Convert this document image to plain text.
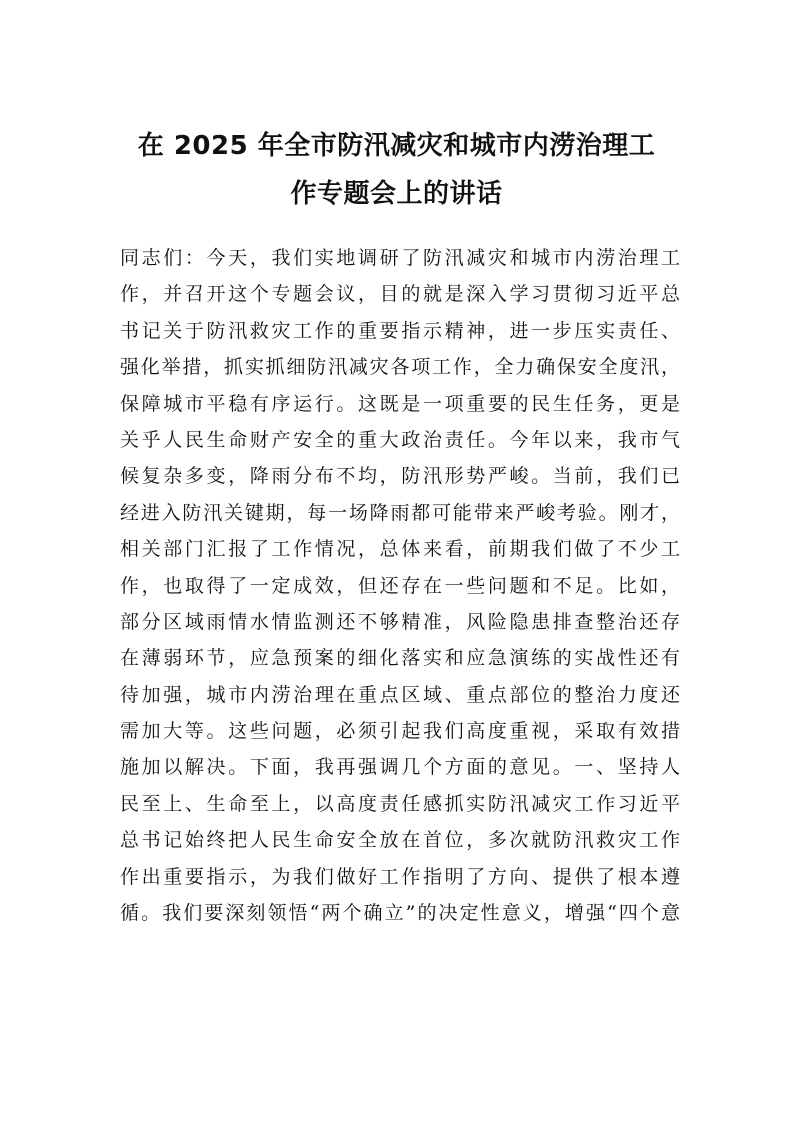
在 2025 年全市防汛减灾和城市内涝治理工
作专题会上的讲话
同志们：今天，我们实地调研了防汛减灾和城市内涝治理工
作，并召开这个专题会议，目的就是深入学习贯彻习近平总
书记关于防汛救灾工作的重要指示精神，进一步压实责任、
强化举措，抓实抓细防汛减灾各项工作，全力确保安全度汛，
保障城市平稳有序运行。这既是一项重要的民生任务，更是
关乎人民生命财产安全的重大政治责任。今年以来，我市气
候复杂多变，降雨分布不均，防汛形势严峻。当前，我们已
经进入防汛关键期，每一场降雨都可能带来严峻考验。刚才，
相关部门汇报了工作情况，总体来看，前期我们做了不少工
作，也取得了一定成效，但还存在一些问题和不足。比如，
部分区域雨情水情监测还不够精准，风险隐患排查整治还存
在薄弱环节，应急预案的细化落实和应急演练的实战性还有
待加强，城市内涝治理在重点区域、重点部位的整治力度还
需加大等。这些问题，必须引起我们高度重视，采取有效措
施加以解决。下面，我再强调几个方面的意见。一、坚持人
民至上、生命至上，以高度责任感抓实防汛减灾工作习近平
总书记始终把人民生命安全放在首位，多次就防汛救灾工作
作出重要指示，为我们做好工作指明了方向、提供了根本遵
循。我们要深刻领悟“两个确立”的决定性意义，增强“四个意
